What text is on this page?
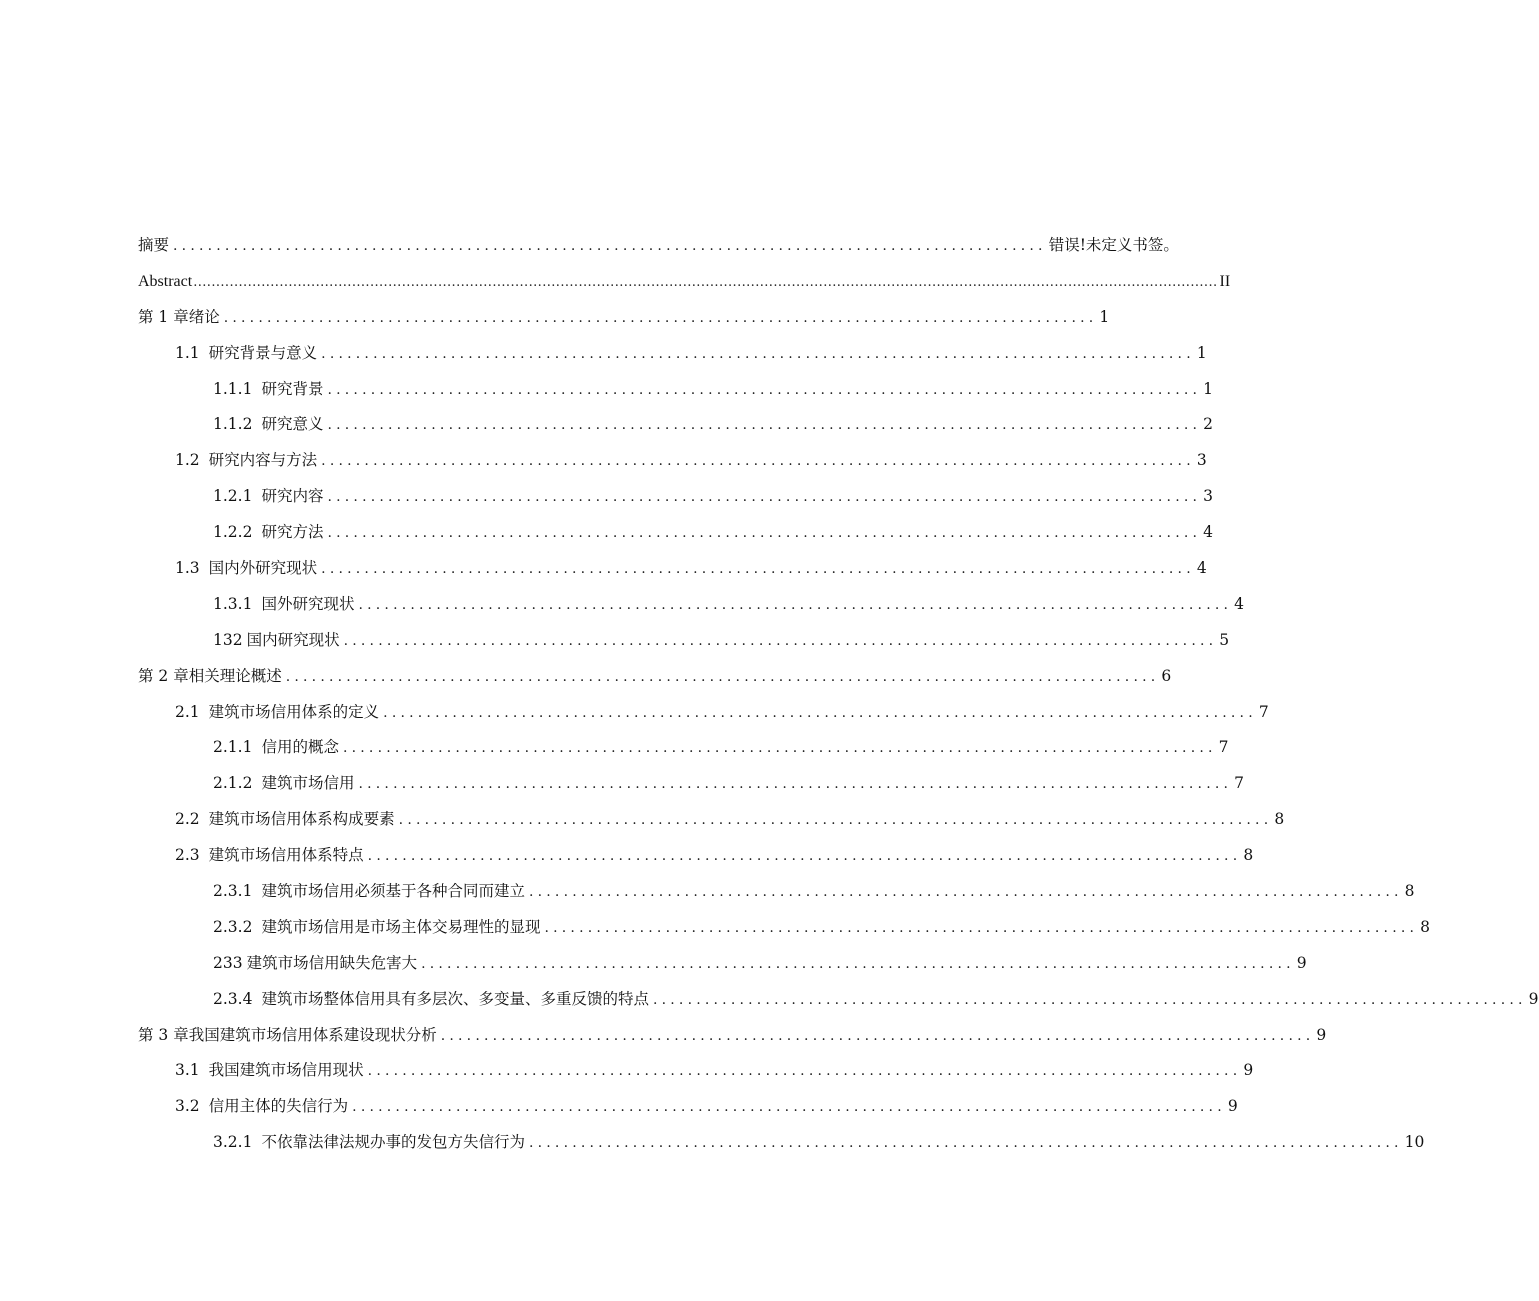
摘要 ..................................................................................................... 错误!未定义书签。
Abstract .................................................................................................................................................................................................................................. II
第 1 章 绪论 ..................................................................................................... 1
1.1 研究背景与意义 ..................................................................................................... 1
1.1.1 研究背景 ..................................................................................................... 1
1.1.2 研究意义 ..................................................................................................... 2
1.2 研究内容与方法 ..................................................................................................... 3
1.2.1 研究内容 ..................................................................................................... 3
1.2.2 研究方法 ..................................................................................................... 4
1.3 国内外研究现状 ..................................................................................................... 4
1.3.1 国外研究现状 ..................................................................................................... 4
132 国内研究现状 ..................................................................................................... 5
第 2 章 相关理论概述 ..................................................................................................... 6
2.1 建筑市场信用体系的定义 ..................................................................................................... 7
2.1.1 信用的概念 ..................................................................................................... 7
2.1.2 建筑市场信用 ..................................................................................................... 7
2.2 建筑市场信用体系构成要素 ..................................................................................................... 8
2.3 建筑市场信用体系特点 ..................................................................................................... 8
2.3.1 建筑市场信用必须基于各种合同而建立 ..................................................................................................... 8
2.3.2 建筑市场信用是市场主体交易理性的显现 ..................................................................................................... 8
233 建筑市场信用缺失危害大 ..................................................................................................... 9
2.3.4 建筑市场整体信用具有多层次、多变量、多重反馈的特点 ..................................................................................................... 9
第 3 章 我国建筑市场信用体系建设现状分析 ..................................................................................................... 9
3.1 我国建筑市场信用现状 ..................................................................................................... 9
3.2 信用主体的失信行为 ..................................................................................................... 9
3.2.1 不依靠法律法规办事的发包方失信行为 ..................................................................................................... 10
